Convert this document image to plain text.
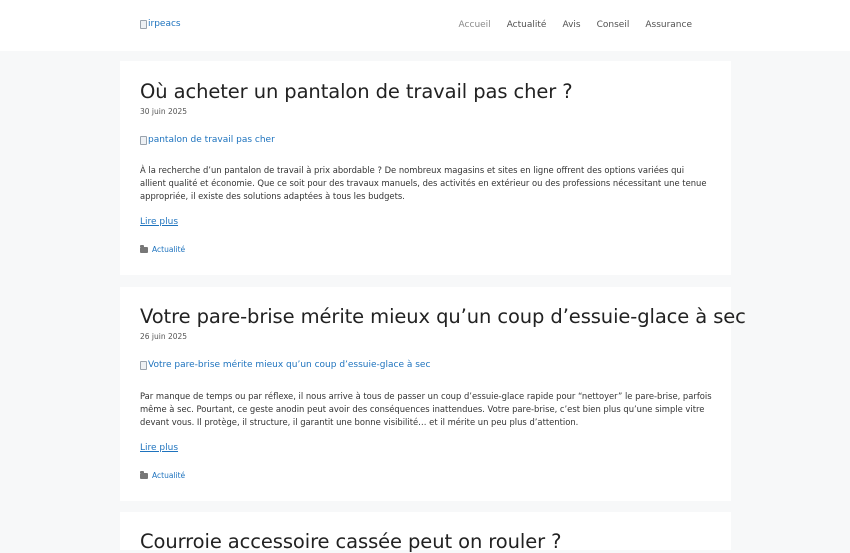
irpeacs	Accueil	Actualité	Avis	Conseil	Assurance
Où acheter un pantalon de travail pas cher ?
30 juin 2025
pantalon de travail pas cher

À la recherche d’un pantalon de travail à prix abordable ? De nombreux magasins et sites en ligne offrent des options variées qui allient qualité et économie. Que ce soit pour des travaux manuels, des activités en extérieur ou des professions nécessitant une tenue appropriée, il existe des solutions adaptées à tous les budgets.

Lire plus
Actualité
Votre pare-brise mérite mieux qu’un coup d’essuie-glace à sec
26 juin 2025
Votre pare-brise mérite mieux qu’un coup d’essuie-glace à sec

Par manque de temps ou par réflexe, il nous arrive à tous de passer un coup d’essuie-glace rapide pour “nettoyer” le pare-brise, parfois même à sec. Pourtant, ce geste anodin peut avoir des conséquences inattendues. Votre pare-brise, c’est bien plus qu’une simple vitre devant vous. Il protège, il structure, il garantit une bonne visibilité… et il mérite un peu plus d’attention.

Lire plus
Actualité
Courroie accessoire cassée peut on rouler ?
